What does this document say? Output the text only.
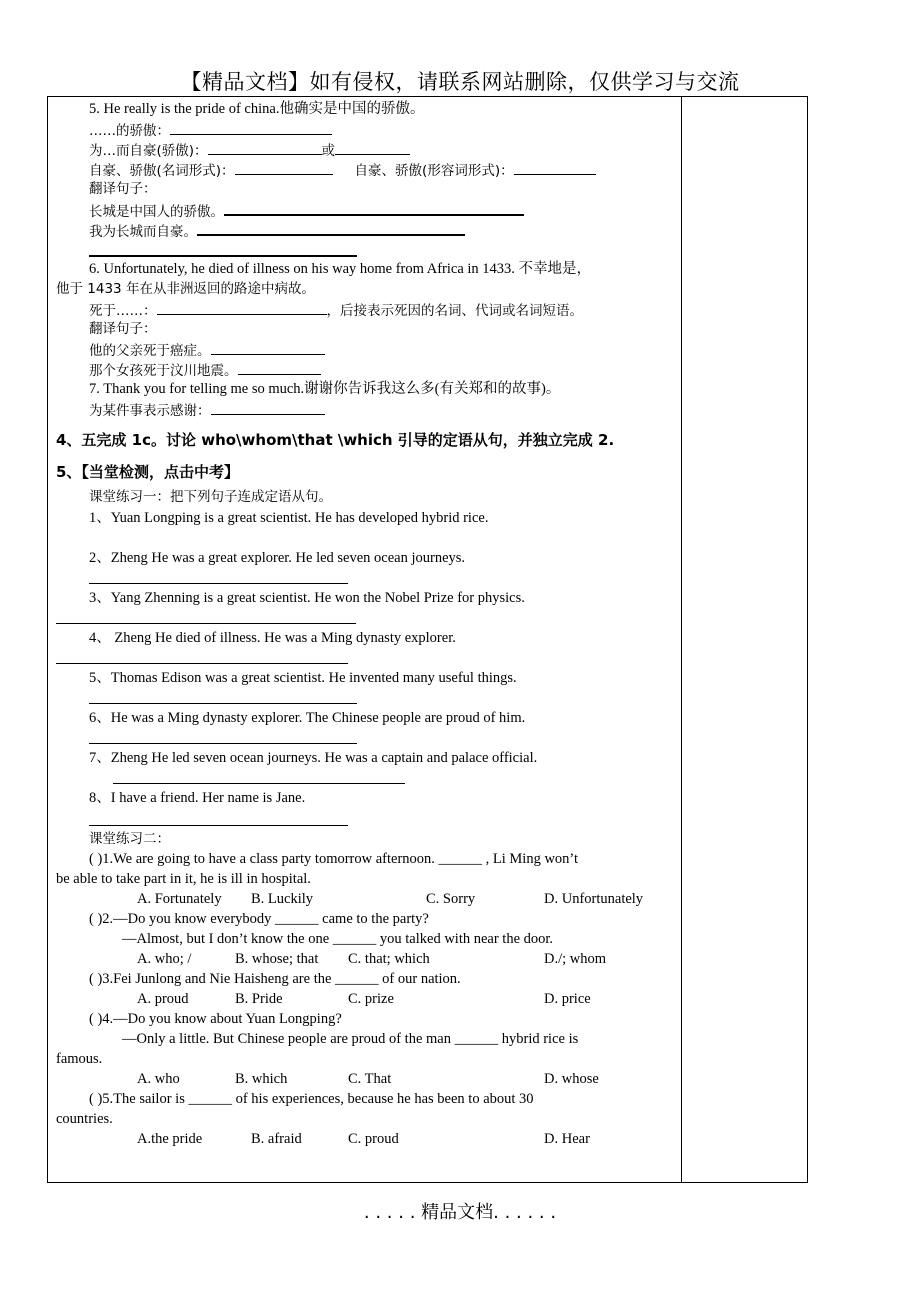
【精品文档】如有侵权，请联系网站删除，仅供学习与交流
5. He really is the pride of china.他确实是中国的骄傲。
……的骄傲：
为…而自豪(骄傲)：	或
自豪、骄傲(名词形式)：	自豪、骄傲(形容词形式)：
翻译句子：
长城是中国人的骄傲。
我为长城而自豪。
6. Unfortunately, he died of illness on his way home from Africa in 1433. 不幸地是，
他于 1433 年在从非洲返回的路途中病故。
死于……：	，后接表示死因的名词、代词或名词短语。
翻译句子：
他的父亲死于癌症。
那个女孩死于汶川地震。
7. Thank you for telling me so much.谢谢你告诉我这么多(有关郑和的故事)。
为某件事表示感谢：
4、五完成 1c。讨论 who\whom\that \which 引导的定语从句，并独立完成 2.
5、【当堂检测，点击中考】
课堂练习一：把下列句子连成定语从句。
1、Yuan Longping is a great scientist. He has developed hybrid rice.
2、Zheng He was a great explorer. He led seven ocean journeys.
3、Yang Zhenning is a great scientist. He won the Nobel Prize for physics.
4、 Zheng He died of illness. He was a Ming dynasty explorer.
5、Thomas Edison was a great scientist. He invented many useful things.
6、He was a Ming dynasty explorer. The Chinese people are proud of him.
7、Zheng He led seven ocean journeys. He was a captain and palace official.
8、I have a friend. Her name is Jane.
课堂练习二：
( )1.We are going to have a class party tomorrow afternoon. ______ , Li Ming won’t
be able to take part in it, he is ill in hospital.
A. Fortunately B. Luckily	C. Sorry	D. Unfortunately
( )2.—Do you know everybody ______ came to the party?
—Almost, but I don’t know the one ______ you talked with near the door.
A. who; /	B. whose; that C. that; which	D./; whom
( )3.Fei Junlong and Nie Haisheng are the ______ of our nation.
A. proud	B. Pride	C. prize	D. price
( )4.—Do you know about Yuan Longping?
—Only a little. But Chinese people are proud of the man ______ hybrid rice is
famous.
A. who	B. which	C. That	D. whose
( )5.The sailor is ______ of his experiences, because he has been to about 30
countries.
A.the pride	B. afraid	C. proud	D. Hear
. . . . . 精品文档. . . . . .
